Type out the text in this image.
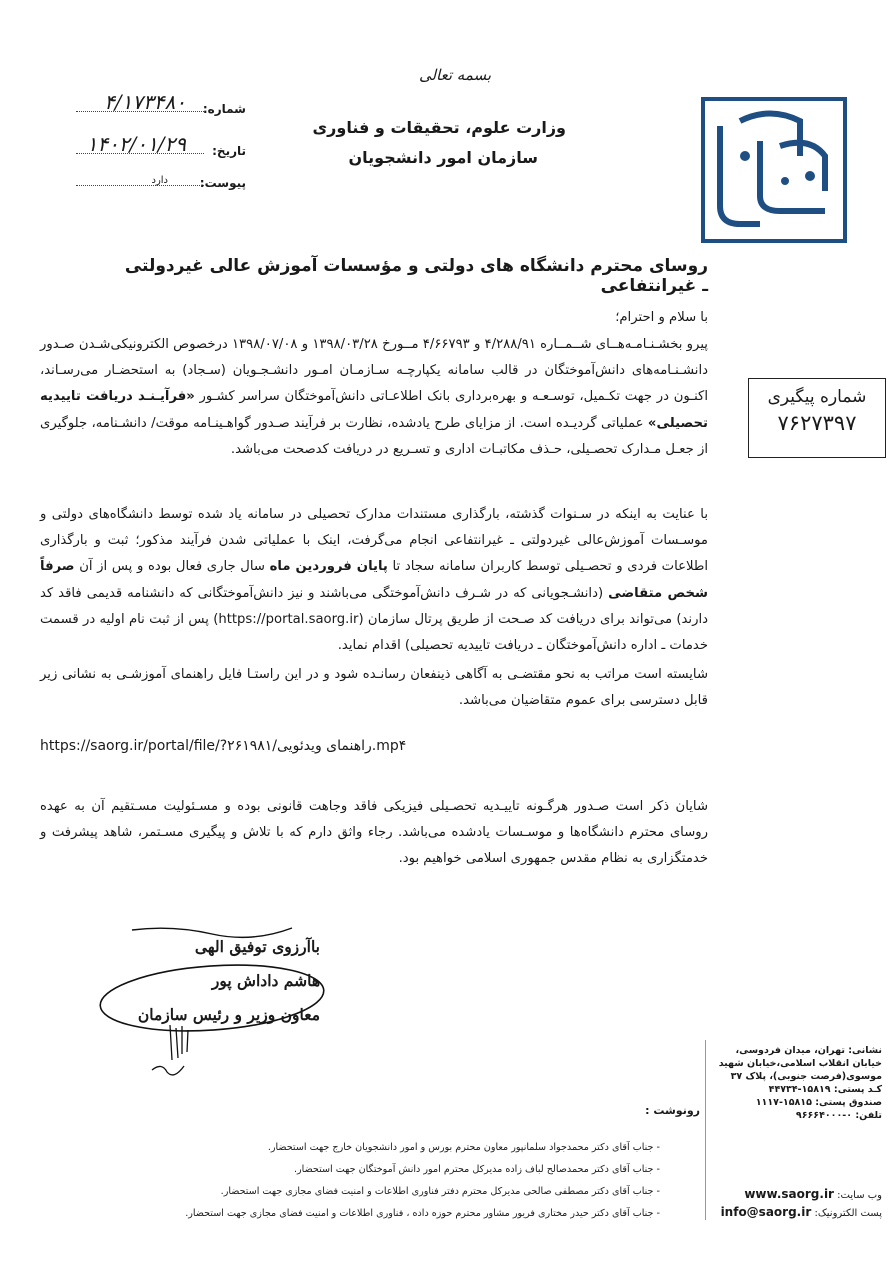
بسمه تعالی
وزارت علوم، تحقیقات و فناوری
سازمان امور دانشجویان
شماره:
۴/۱۷۳۴۸۰
تاریخ:
۱۴۰۲/۰۱/۲۹
پیوست:
دارد
روسای محترم دانشگاه های دولتی و مؤسسات آموزش عالی غیردولتی ـ غیرانتفاعی
شماره پیگیری
۷۶۲۷۳۹۷
با سلام و احترام؛
پیرو بخشـنـامـه‌هــای شــمــاره ۴/۲۸۸/۹۱ و ۴/۶۶۷۹۳ مــورخ ۱۳۹۸/۰۳/۲۸ و ۱۳۹۸/۰۷/۰۸ درخصوص الکترونیکی‌شـدن صـدور دانشـنـامه‌های دانش‌آموختگان در قالب سامانه یکپارچـه سـازمـان امـور دانشـجـویان (سـجاد) به استحضـار می‌رسـاند، اکنـون در جهت تکـمیل، توسـعـه و بهره‌برداری بانک اطلاعـاتی دانش‌آموختگان سراسر کشـور «فرآیـنـد دریافت تاییدیه تحصیلی» عملیاتی گردیـده است. از مزایای طرح یادشده، نظارت بر فرآیند صـدور گواهـینـامه موقت/ دانشـنامه، جلوگیری از جعـل مـدارک تحصـیلی، حـذف مکاتبـات اداری و تسـریع در دریافت کدصحت می‌باشد.
با عنایت به اینکه در سـنوات گذشته، بارگذاری مستندات مدارک تحصیلی در سامانه یاد شده توسط دانشگاه‌های دولتی و موسـسات آموزش‌عالی غیردولتی ـ غیرانتفاعی انجام می‌گرفت، اینک با عملیاتی شدن فرآیند مذکور؛ ثبت و بارگذاری اطلاعات فردی و تحصـیلی توسط کاربران سامانه سجاد تا پایان فروردین ماه سال جاری فعال بوده و پس از آن صرفاً شخص متقاضی (دانشـجویانی که در شـرف دانش‌آموختگی می‌باشند و نیز دانش‌آموختگانی که دانشنامه قدیمی فاقد کد دارند) می‌تواند برای دریافت کد صـحت از طریق پرتال سازمان (https://portal.saorg.ir) پس از ثبت نام اولیه در قسمت خدمات ـ اداره دانش‌آموختگان ـ دریافت تاییدیه تحصیلی) اقدام نماید.
شایسته است مراتب به نحو مقتضـی به آگاهی ذینفعان رسانـده شود و در این راستـا فایل راهنمای آموزشـی به نشانی زیر قابل دسترسی برای عموم متقاضیان می‌باشد.
https://saorg.ir/portal/file/?۲۶۱۹۸۱/راهنمای ویدئویی.mp۴
شایان ذکر است صـدور هرگـونه تاییـدیه تحصـیلی فیزیکی فاقد وجاهت قانونی بوده و مسـئولیت مسـتقیم آن به عهده روسای محترم دانشگاه‌ها و موسـسات یادشده می‌باشد. رجاء واثق دارم که با تلاش و پیگیری مسـتمر، شاهد پیشرفت و خدمتگزاری به نظام مقدس جمهوری اسلامی خواهیم بود.
باآرزوی توفیق الهی
هاشم داداش پور
معاون وزیر و رئیس سازمان
رونوشت :
- جناب آقای دکتر محمدجواد سلمانپور معاون محترم بورس و امور دانشجویان خارج جهت استحضار.
- جناب آقای دکتر محمدصالح لباف زاده مدیرکل محترم امور دانش آموختگان جهت استحضار.
- جناب آقای دکتر مصطفی صالحی مدیرکل محترم دفتر فناوری اطلاعات و امنیت فضای مجازی جهت استحضار.
- جناب آقای دکتر حیدر مختاری فریور مشاور محترم حوزه داده ، فناوری اطلاعات و امنیت فضای مجازی جهت استحضار.
نشانی: تهران، میدان فردوسی،
خیابان انقلاب اسلامی،خیابان شهید
موسوی(فرصت جنوبی)، پلاک ۳۷
کـد پستی: ۱۵۸۱۹-۴۴۷۳۴
صندوق پستی: ۱۵۸۱۵-۱۱۱۷
تلفن: ۰-۹۶۶۶۴۰۰۰
وب سایت: www.saorg.ir
پست الکترونیک: info@saorg.ir
